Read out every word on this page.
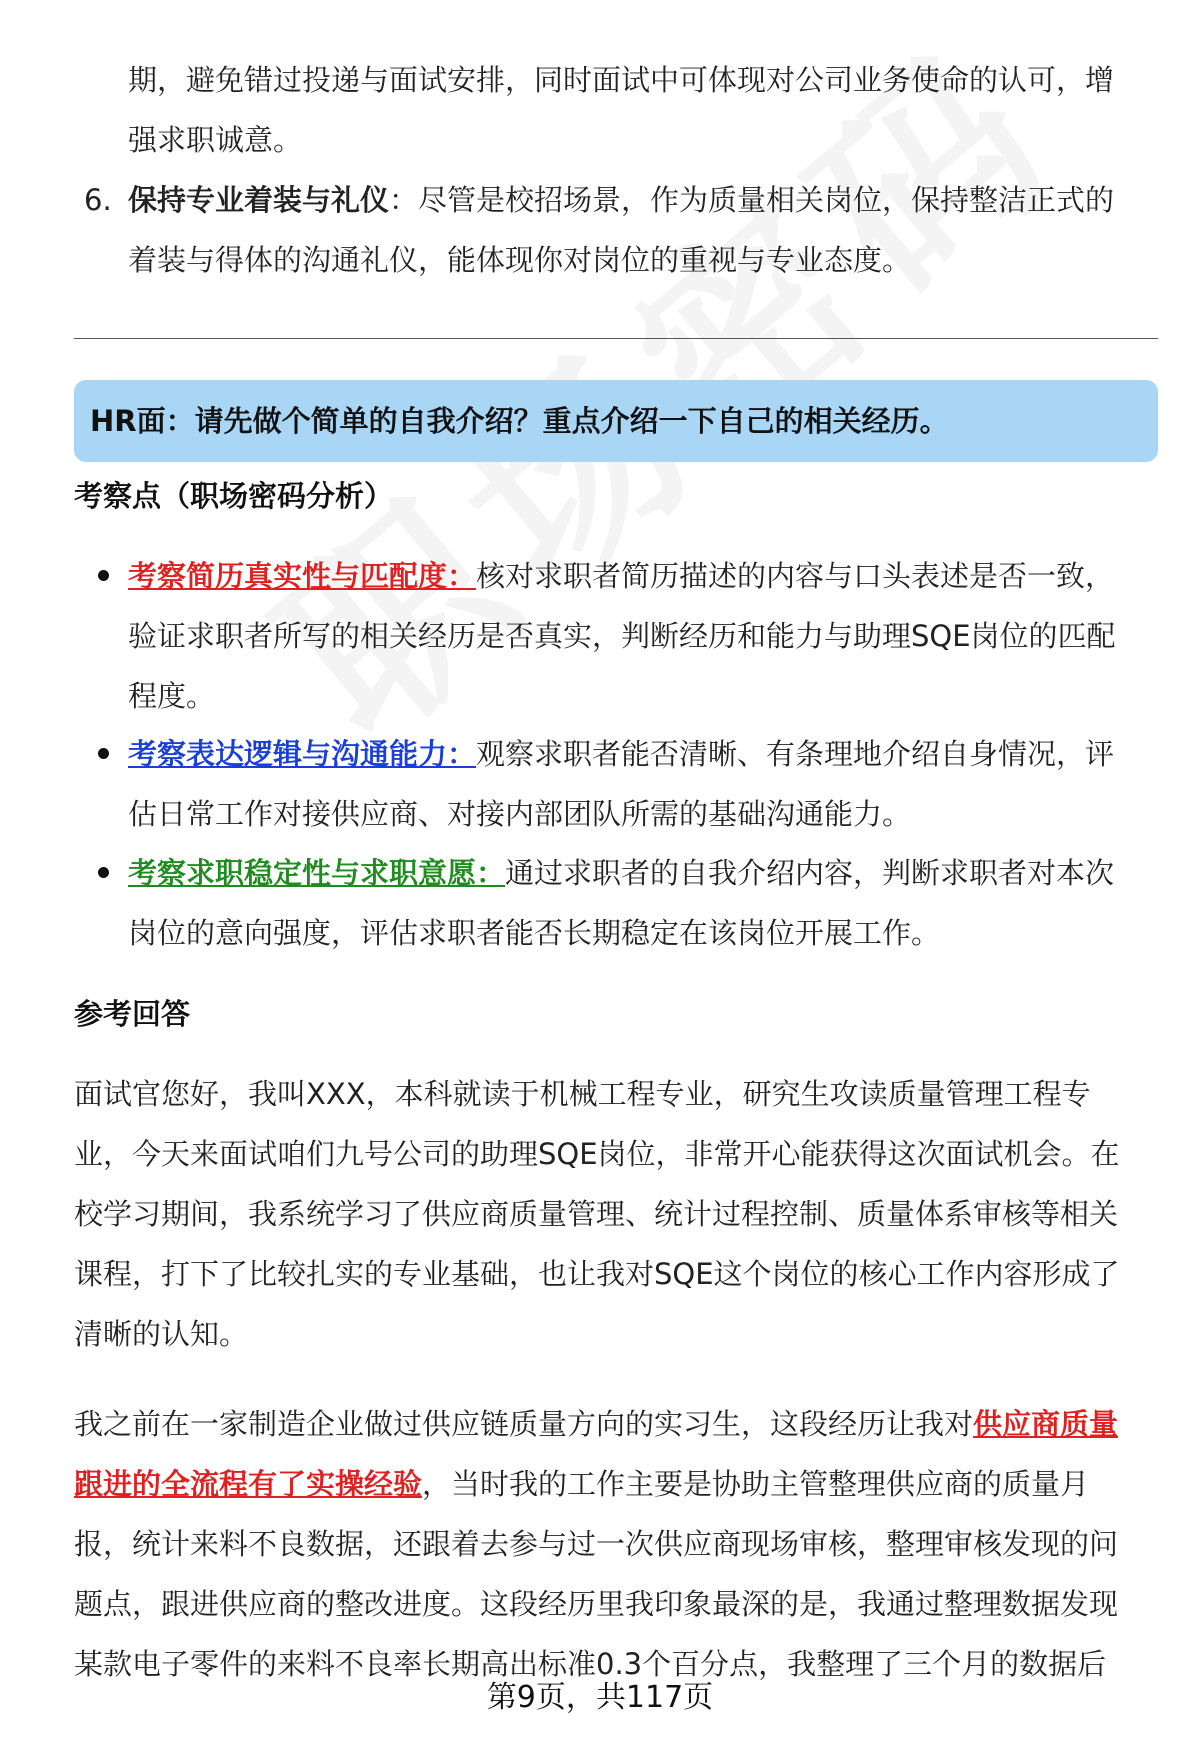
期，避免错过投递与面试安排，同时面试中可体现对公司业务使命的认可，增
强求职诚意。
6. 保持专业着装与礼仪：尽管是校招场景，作为质量相关岗位，保持整洁正式的
着装与得体的沟通礼仪，能体现你对岗位的重视与专业态度。
HR面：请先做个简单的自我介绍？重点介绍一下自己的相关经历。
考察点（职场密码分析）
考察简历真实性与匹配度：核对求职者简历描述的内容与口头表述是否一致，
验证求职者所写的相关经历是否真实，判断经历和能力与助理SQE岗位的匹配
程度。
考察表达逻辑与沟通能力：观察求职者能否清晰、有条理地介绍自身情况，评
估日常工作对接供应商、对接内部团队所需的基础沟通能力。
考察求职稳定性与求职意愿：通过求职者的自我介绍内容，判断求职者对本次
岗位的意向强度，评估求职者能否长期稳定在该岗位开展工作。
参考回答
面试官您好，我叫XXX，本科就读于机械工程专业，研究生攻读质量管理工程专
业，今天来面试咱们九号公司的助理SQE岗位，非常开心能获得这次面试机会。在
校学习期间，我系统学习了供应商质量管理、统计过程控制、质量体系审核等相关
课程，打下了比较扎实的专业基础，也让我对SQE这个岗位的核心工作内容形成了
清晰的认知。
我之前在一家制造企业做过供应链质量方向的实习生，这段经历让我对供应商质量
跟进的全流程有了实操经验，当时我的工作主要是协助主管整理供应商的质量月
报，统计来料不良数据，还跟着去参与过一次供应商现场审核，整理审核发现的问
题点，跟进供应商的整改进度。这段经历里我印象最深的是，我通过整理数据发现
某款电子零件的来料不良率长期高出标准0.3个百分点，我整理了三个月的数据后
第9页，共117页
